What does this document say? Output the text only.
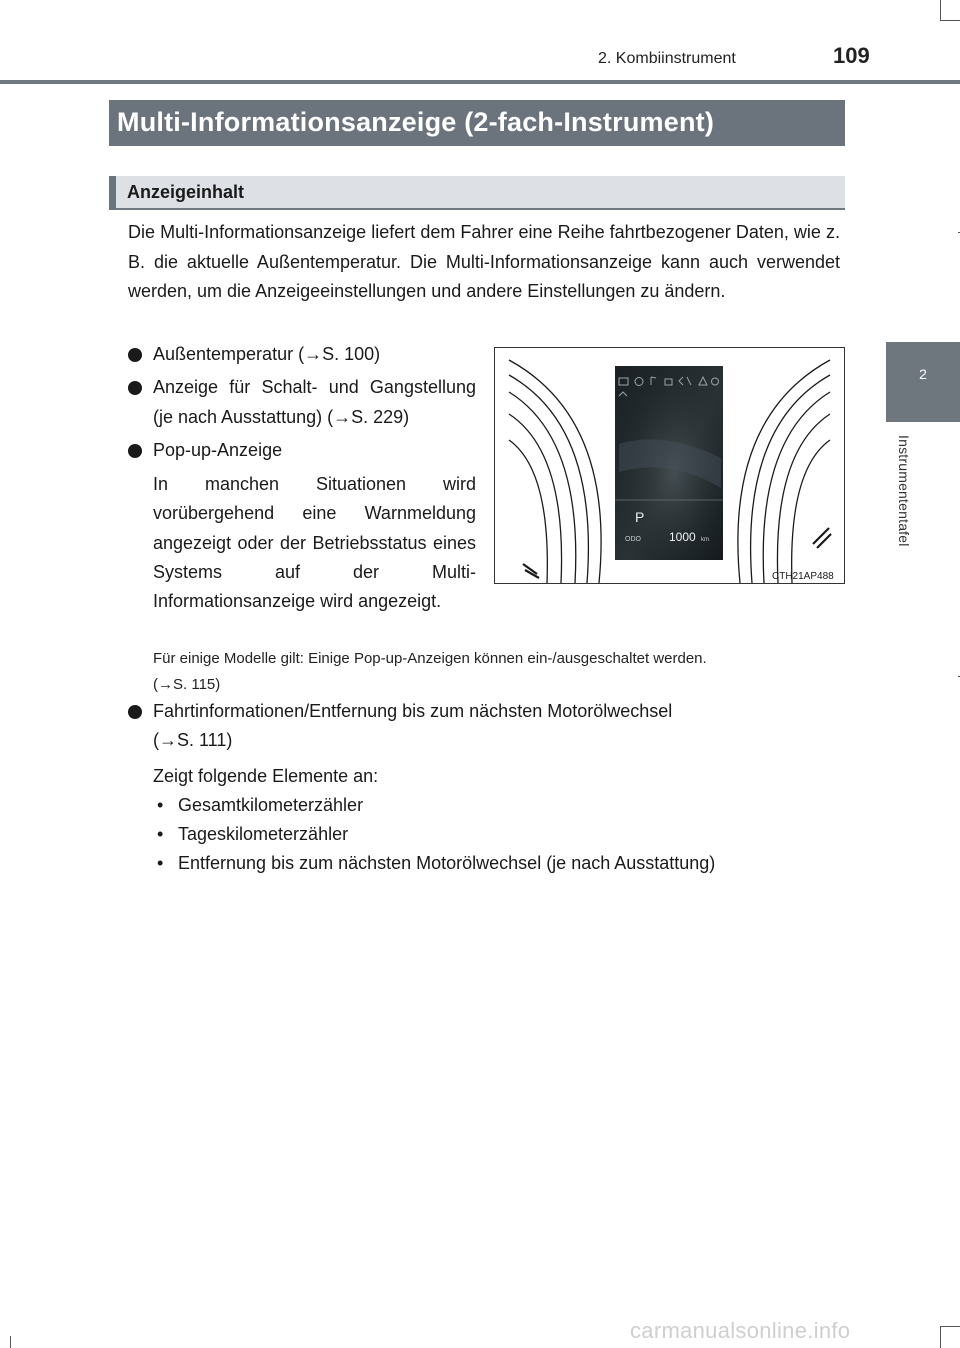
2. Kombiinstrument	109
2
Instrumententafel
Multi-Informationsanzeige (2-fach-Instrument)
Anzeigeinhalt

Die Multi-Informationsanzeige liefert dem Fahrer eine Reihe fahrtbezogener Daten, wie z. B. die aktuelle Außentemperatur. Die Multi-Informationsanzeige kann auch verwendet werden, um die Anzeigeeinstellungen und andere Einstellungen zu ändern.

Außentemperatur (→S. 100)
Anzeige für Schalt- und Gangstellung (je nach Ausstattung) (→S. 229)
Pop-up-Anzeige

In manchen Situationen wird vorübergehend eine Warnmeldung angezeigt oder der Betriebsstatus eines Systems auf der Multi-Informationsanzeige wird angezeigt.

P
ODO 1000 km
CTH21AP488
Für einige Modelle gilt: Einige Pop-up-Anzeigen können ein-/ausgeschaltet werden.
(→S. 115)
Fahrtinformationen/Entfernung bis zum nächsten Motorölwechsel
(→S. 111)
Zeigt folgende Elemente an:
• Gesamtkilometerzähler
• Tageskilometerzähler
• Entfernung bis zum nächsten Motorölwechsel (je nach Ausstattung)
carmanualsonline.info
